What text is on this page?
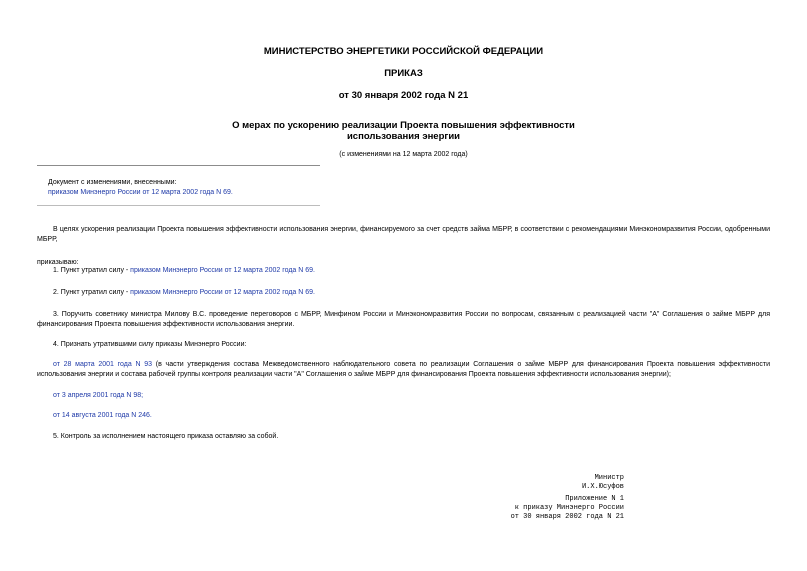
МИНИСТЕРСТВО ЭНЕРГЕТИКИ РОССИЙСКОЙ ФЕДЕРАЦИИ
ПРИКАЗ
от 30 января 2002 года N 21
О мерах по ускорению реализации Проекта повышения эффективности
использования энергии
(с изменениями на 12 марта 2002 года)
Документ с изменениями, внесенными:
приказом Минэнерго России от 12 марта 2002 года N 69.
В целях ускорения реализации Проекта повышения эффективности использования энергии, финансируемого за счет средств займа МБРР, в соответствии с рекомендациями Минэкономразвития России, одобренными МБРР,
приказываю:
1. Пункт утратил силу - приказом Минэнерго России от 12 марта 2002 года N 69.
2. Пункт утратил силу - приказом Минэнерго России от 12 марта 2002 года N 69.
3. Поручить советнику министра Милову В.С. проведение переговоров с МБРР, Минфином России и Минэкономразвития России по вопросам, связанным с реализацией части "А" Соглашения о займе МБРР для финансирования Проекта повышения эффективности использования энергии.
4. Признать утратившими силу приказы Минэнерго России:
от 28 марта 2001 года N 93 (в части утверждения состава Межведомственного наблюдательного совета по реализации Соглашения о займе МБРР для финансирования Проекта повышения эффективности использования энергии и состава рабочей группы контроля реализации части "А" Соглашения о займе МБРР для финансирования Проекта повышения эффективности использования энергии);
от 3 апреля 2001 года N 98;
от 14 августа 2001 года N 246.
5. Контроль за исполнением настоящего приказа оставляю за собой.
Министр
И.Х.Юсуфов
Приложение N 1
к приказу Минэнерго России
от 30 января 2002 года N 21
